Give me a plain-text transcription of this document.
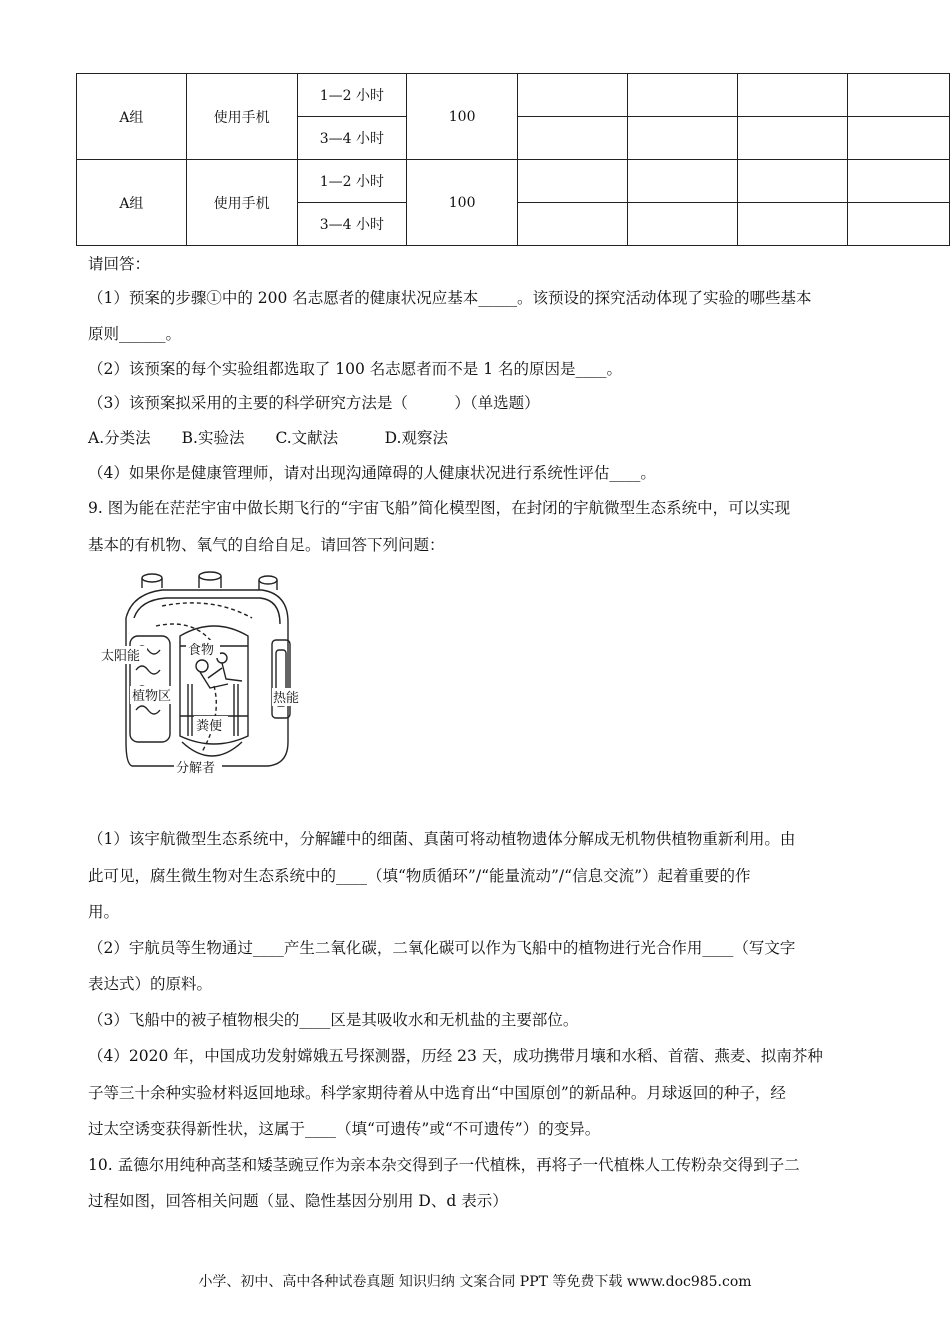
A组	使用手机	1—2 小时	100				
		3—4 小时					
A组	使用手机	1—2 小时	100				
		3—4 小时					
请回答：
（1）预案的步骤①中的 200 名志愿者的健康状况应基本_____。该预设的探究活动体现了实验的哪些基本
原则______。
（2）该预案的每个实验组都选取了 100 名志愿者而不是 1 名的原因是____。
（3）该预案拟采用的主要的科学研究方法是（　　　）（单选题）
A.分类法　　B.实验法　　C.文献法　　　D.观察法
（4）如果你是健康管理师，请对出现沟通障碍的人健康状况进行系统性评估____。
9. 图为能在茫茫宇宙中做长期飞行的“宇宙飞船”简化模型图，在封闭的宇航微型生态系统中，可以实现
基本的有机物、氧气的自给自足。请回答下列问题：
太阳能	食物
植物区	热能
粪便
分解者
（1）该宇航微型生态系统中，分解罐中的细菌、真菌可将动植物遗体分解成无机物供植物重新利用。由
此可见，腐生微生物对生态系统中的____（填“物质循环”/“能量流动”/“信息交流”）起着重要的作
用。
（2）宇航员等生物通过____产生二氧化碳，二氧化碳可以作为飞船中的植物进行光合作用____（写文字
表达式）的原料。
（3）飞船中的被子植物根尖的____区是其吸收水和无机盐的主要部位。
（4）2020 年，中国成功发射嫦娥五号探测器，历经 23 天，成功携带月壤和水稻、首蓿、燕麦、拟南芥种
子等三十余种实验材料返回地球。科学家期待着从中选育出“中国原创”的新品种。月球返回的种子，经
过太空诱变获得新性状，这属于____（填“可遗传”或“不可遗传”）的变异。
10. 孟德尔用纯种高茎和矮茎豌豆作为亲本杂交得到子一代植株，再将子一代植株人工传粉杂交得到子二
过程如图，回答相关问题（显、隐性基因分别用 D、d 表示）
小学、初中、高中各种试卷真题 知识归纳 文案合同 PPT 等免费下载 www.doc985.com
